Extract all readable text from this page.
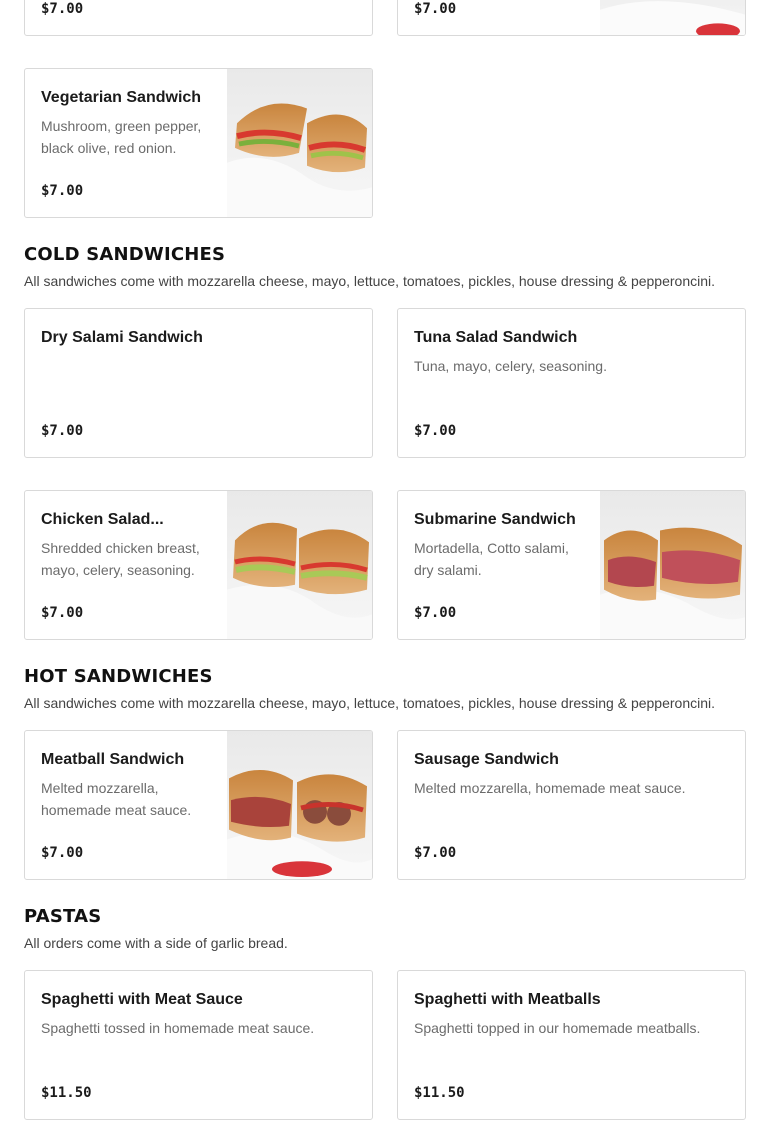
$7.00	$7.00
Vegetarian Sandwich
Mushroom, green pepper,
black olive, red onion.
$7.00
COLD SANDWICHES
All sandwiches come with mozzarella cheese, mayo, lettuce, tomatoes, pickles, house dressing & pepperoncini.
Dry Salami Sandwich
$7.00
Tuna Salad Sandwich
Tuna, mayo, celery, seasoning.
$7.00
Chicken Salad...
Shredded chicken breast,
mayo, celery, seasoning.
$7.00
Submarine Sandwich
Mortadella, Cotto salami,
dry salami.
$7.00
HOT SANDWICHES
All sandwiches come with mozzarella cheese, mayo, lettuce, tomatoes, pickles, house dressing & pepperoncini.
Meatball Sandwich
Melted mozzarella,
homemade meat sauce.
$7.00
Sausage Sandwich
Melted mozzarella, homemade meat sauce.
$7.00
PASTAS
All orders come with a side of garlic bread.
Spaghetti with Meat Sauce
Spaghetti tossed in homemade meat sauce.
$11.50
Spaghetti with Meatballs
Spaghetti topped in our homemade meatballs.
$11.50
